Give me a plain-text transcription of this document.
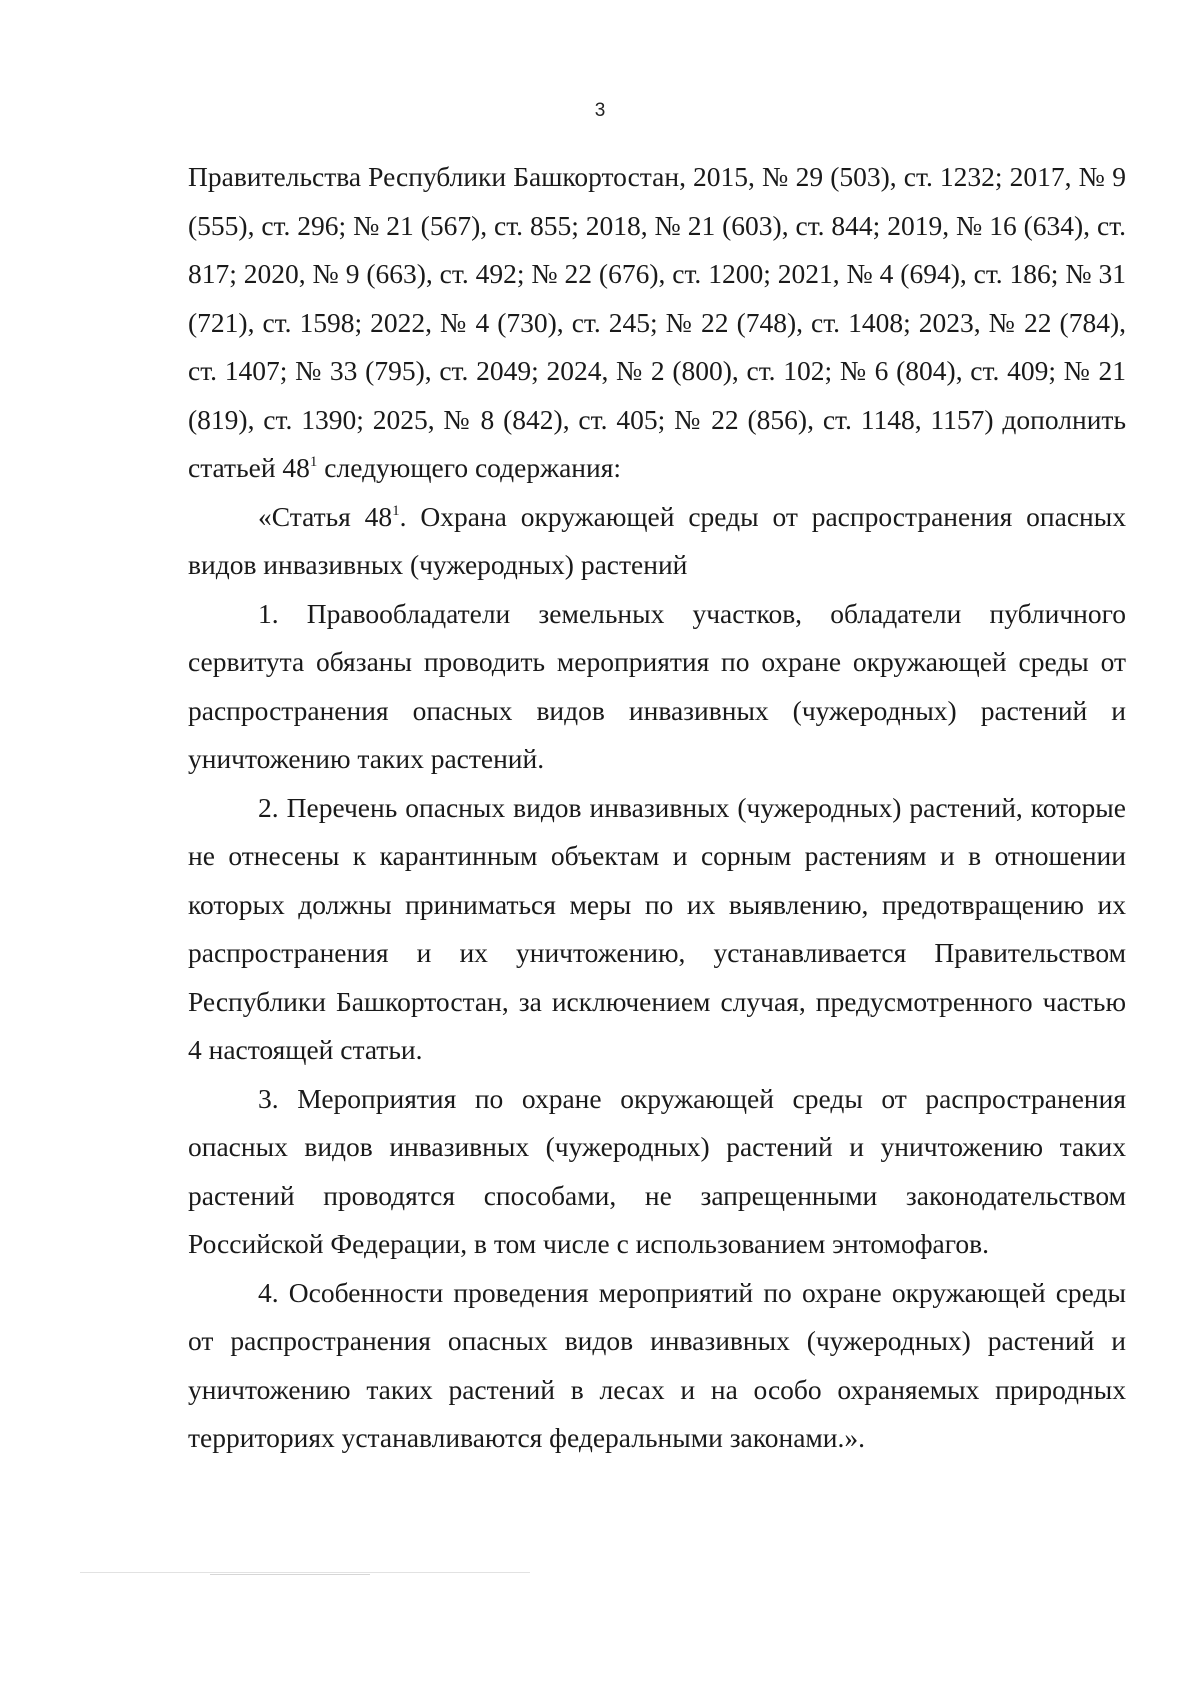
3

Правительства Республики Башкортостан, 2015, № 29 (503), ст. 1232; 2017, № 9 (555), ст. 296; № 21 (567), ст. 855; 2018, № 21 (603), ст. 844; 2019, № 16 (634), ст. 817; 2020, № 9 (663), ст. 492; № 22 (676), ст. 1200; 2021, № 4 (694), ст. 186; № 31 (721), ст. 1598; 2022, № 4 (730), ст. 245; № 22 (748), ст. 1408; 2023, № 22 (784), ст. 1407; № 33 (795), ст. 2049; 2024, № 2 (800), ст. 102; № 6 (804), ст. 409; № 21 (819), ст. 1390; 2025, № 8 (842), ст. 405; № 22 (856), ст. 1148, 1157) дополнить статьей $48^1$ следующего содержания:

«Статья $48^1$. Охрана окружающей среды от распространения опасных видов инвазивных (чужеродных) растений

1. Правообладатели земельных участков, обладатели публичного сервитута обязаны проводить мероприятия по охране окружающей среды от распространения опасных видов инвазивных (чужеродных) растений и уничтожению таких растений.

2. Перечень опасных видов инвазивных (чужеродных) растений, которые не отнесены к карантинным объектам и сорным растениям и в отношении которых должны приниматься меры по их выявлению, предотвращению их распространения и их уничтожению, устанавливается Правительством Республики Башкортостан, за исключением случая, предусмотренного частью 4 настоящей статьи.

3. Мероприятия по охране окружающей среды от распространения опасных видов инвазивных (чужеродных) растений и уничтожению таких растений проводятся способами, не запрещенными законодательством Российской Федерации, в том числе с использованием энтомофагов.

4. Особенности проведения мероприятий по охране окружающей среды от распространения опасных видов инвазивных (чужеродных) растений и уничтожению таких растений в лесах и на особо охраняемых природных территориях устанавливаются федеральными законами.».
